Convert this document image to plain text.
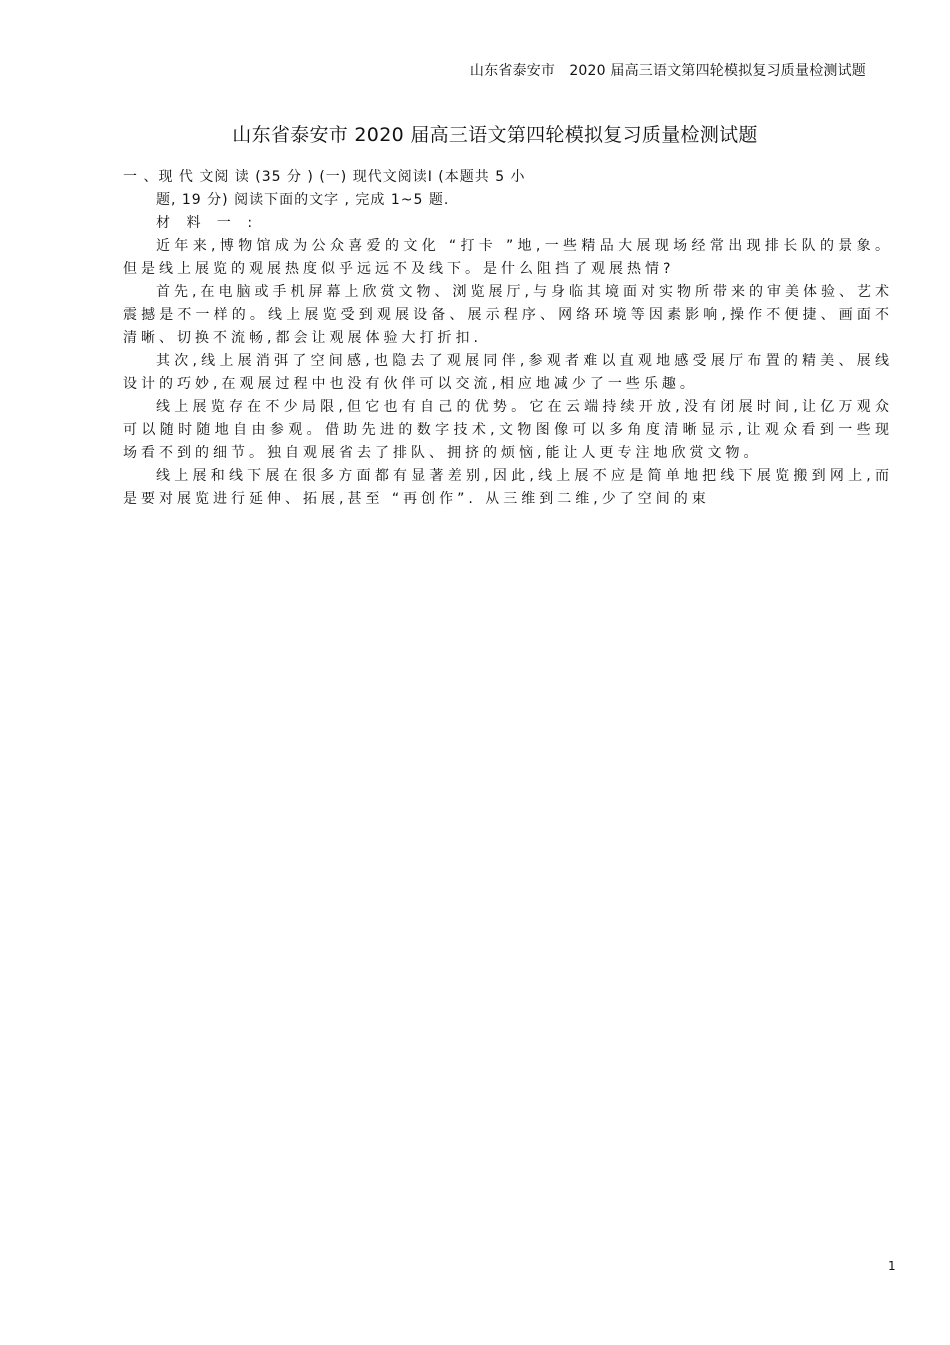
山东省泰安市　2020 届高三语文第四轮模拟复习质量检测试题
山东省泰安市 2020 届高三语文第四轮模拟复习质量检测试题
一 、现 代 文阅 读 (35 分 ) (一) 现代文阅读Ⅰ (本题共 5 小
题, 19 分) 阅读下面的文字 , 完成 1~5 题.

材 料 一 :

近年来,博物馆成为公众喜爱的文化 “打卡 ”地,一些精品大展现场经常出现排长队的景象。但是线上展览的观展热度似乎远远不及线下。是什么阻挡了观展热情?

首先,在电脑或手机屏幕上欣赏文物、浏览展厅,与身临其境面对实物所带来的审美体验、艺术震撼是不一样的。线上展览受到观展设备、展示程序、网络环境等因素影响,操作不便捷、画面不清晰、切换不流畅,都会让观展体验大打折扣.

其次,线上展消弭了空间感,也隐去了观展同伴,参观者难以直观地感受展厅布置的精美、展线设计的巧妙,在观展过程中也没有伙伴可以交流,相应地减少了一些乐趣。

线上展览存在不少局限,但它也有自己的优势。它在云端持续开放,没有闭展时间,让亿万观众可以随时随地自由参观。借助先进的数字技术,文物图像可以多角度清晰显示,让观众看到一些现场看不到的细节。独自观展省去了排队、拥挤的烦恼,能让人更专注地欣赏文物。

线上展和线下展在很多方面都有显著差别,因此,线上展不应是简单地把线下展览搬到网上,而是要对展览进行延伸、拓展,甚至 “再创作”. 从三维到二维,少了空间的束

1
